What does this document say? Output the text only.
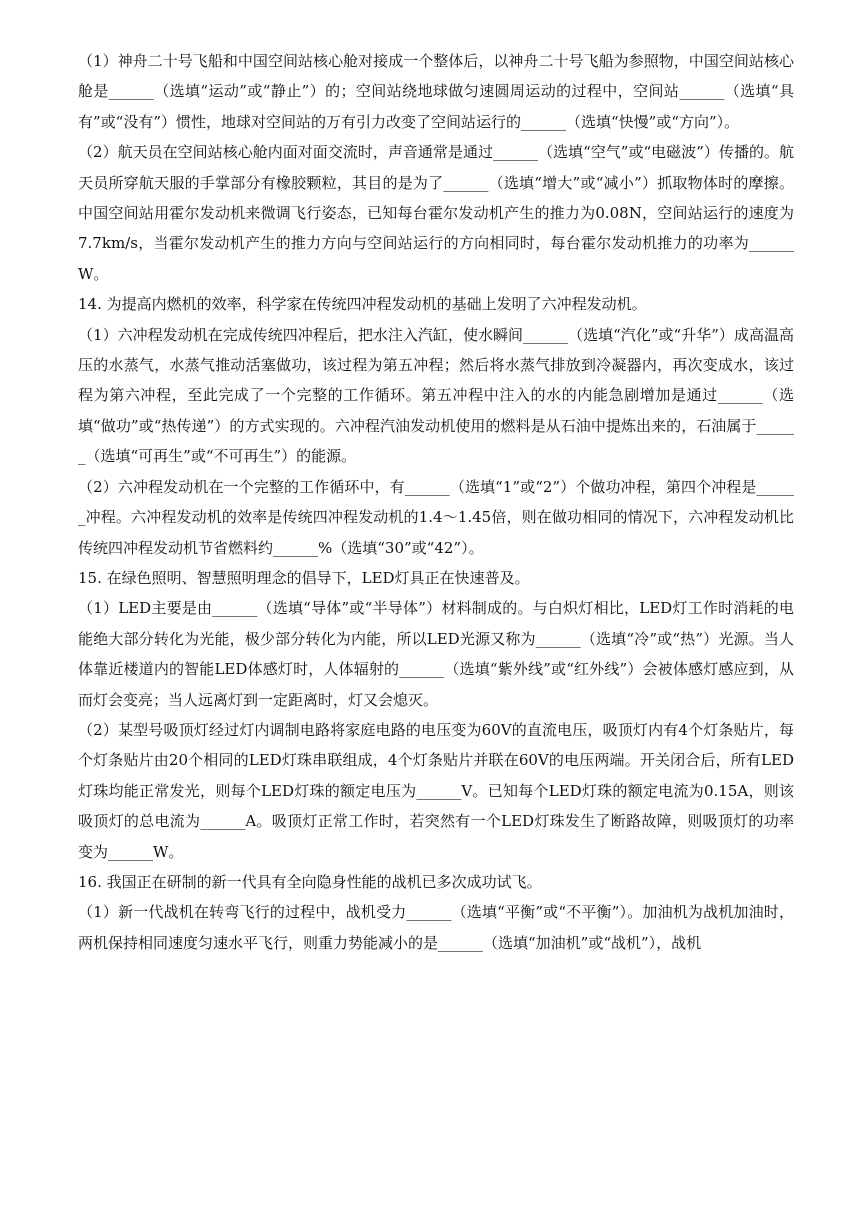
（1）神舟二十号飞船和中国空间站核心舱对接成一个整体后，以神舟二十号飞船为参照物，中国空间站核心舱是______（选填“运动”或“静止”）的；空间站绕地球做匀速圆周运动的过程中，空间站______（选填“具有”或“没有”）惯性，地球对空间站的万有引力改变了空间站运行的______（选填“快慢”或“方向”）。

（2）航天员在空间站核心舱内面对面交流时，声音通常是通过______（选填“空气”或“电磁波”）传播的。航天员所穿航天服的手掌部分有橡胶颗粒，其目的是为了______（选填“增大”或“减小”）抓取物体时的摩擦。中国空间站用霍尔发动机来微调飞行姿态，已知每台霍尔发动机产生的推力为0.08N，空间站运行的速度为7.7km/s，当霍尔发动机产生的推力方向与空间站运行的方向相同时，每台霍尔发动机推力的功率为______W。

14. 为提高内燃机的效率，科学家在传统四冲程发动机的基础上发明了六冲程发动机。

（1）六冲程发动机在完成传统四冲程后，把水注入汽缸，使水瞬间______（选填“汽化”或“升华”）成高温高压的水蒸气，水蒸气推动活塞做功，该过程为第五冲程；然后将水蒸气排放到冷凝器内，再次变成水，该过程为第六冲程，至此完成了一个完整的工作循环。第五冲程中注入的水的内能急剧增加是通过______（选填“做功”或“热传递”）的方式实现的。六冲程汽油发动机使用的燃料是从石油中提炼出来的，石油属于______（选填“可再生”或“不可再生”）的能源。

（2）六冲程发动机在一个完整的工作循环中，有______（选填“1”或“2”）个做功冲程，第四个冲程是______冲程。六冲程发动机的效率是传统四冲程发动机的1.4～1.45倍，则在做功相同的情况下，六冲程发动机比传统四冲程发动机节省燃料约______%（选填“30”或“42”）。

15. 在绿色照明、智慧照明理念的倡导下，LED灯具正在快速普及。

（1）LED主要是由______（选填“导体”或“半导体”）材料制成的。与白炽灯相比，LED灯工作时消耗的电能绝大部分转化为光能，极少部分转化为内能，所以LED光源又称为______（选填“冷”或“热”）光源。当人体靠近楼道内的智能LED体感灯时，人体辐射的______（选填“紫外线”或“红外线”）会被体感灯感应到，从而灯会变亮；当人远离灯到一定距离时，灯又会熄灭。

（2）某型号吸顶灯经过灯内调制电路将家庭电路的电压变为60V的直流电压，吸顶灯内有4个灯条贴片，每个灯条贴片由20个相同的LED灯珠串联组成，4个灯条贴片并联在60V的电压两端。开关闭合后，所有LED灯珠均能正常发光，则每个LED灯珠的额定电压为______V。已知每个LED灯珠的额定电流为0.15A，则该吸顶灯的总电流为______A。吸顶灯正常工作时，若突然有一个LED灯珠发生了断路故障，则吸顶灯的功率变为______W。

16. 我国正在研制的新一代具有全向隐身性能的战机已多次成功试飞。

（1）新一代战机在转弯飞行的过程中，战机受力______（选填“平衡”或“不平衡”）。加油机为战机加油时，两机保持相同速度匀速水平飞行，则重力势能减小的是______（选填“加油机”或“战机”），战机
